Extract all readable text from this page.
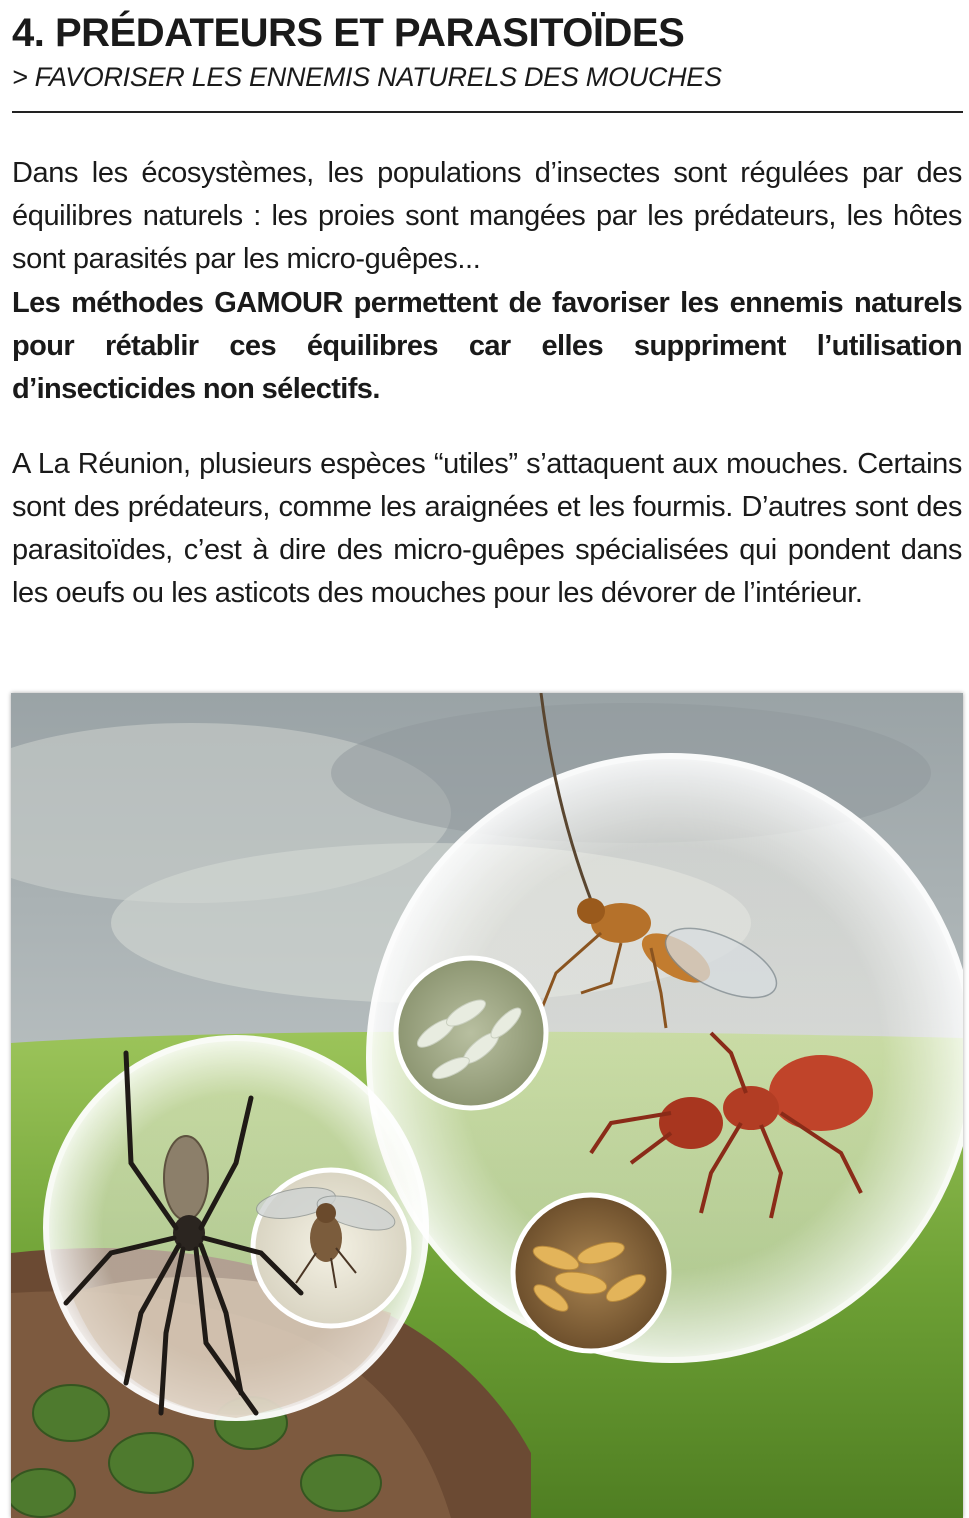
4. PRÉDATEURS ET PARASITOÏDES

> FAVORISER LES ENNEMIS NATURELS DES MOUCHES

Dans les écosystèmes, les populations d’insectes sont régulées par des équilibres naturels : les proies sont mangées par les prédateurs, les hôtes sont parasités par les micro-guêpes...

Les méthodes GAMOUR permettent de favoriser les ennemis naturels pour rétablir ces équilibres car elles suppriment l’utilisation d’insecticides non sélectifs.

A La Réunion, plusieurs espèces “utiles” s’attaquent aux mouches. Certains sont des prédateurs, comme les araignées et les fourmis. D’autres sont des parasitoïdes, c’est à dire des micro-guêpes spécialisées qui pondent dans les oeufs ou les asticots des mouches pour les dévorer de l’intérieur.
